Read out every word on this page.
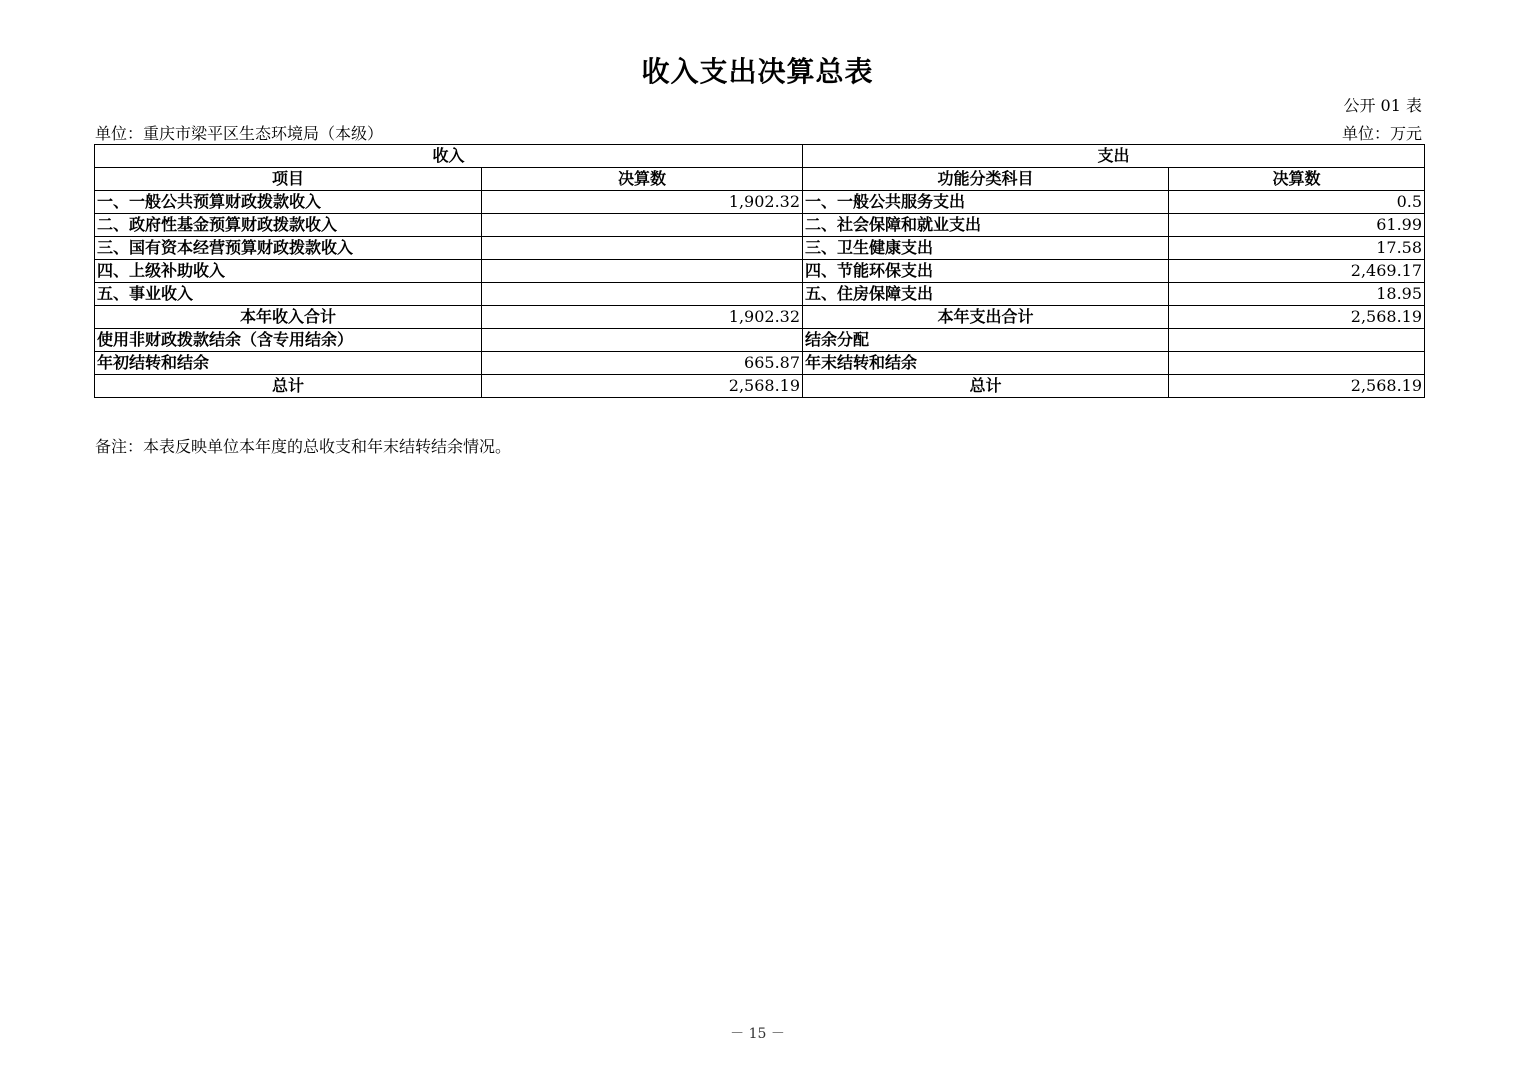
收入支出决算总表
公开 01 表
单位：重庆市梁平区生态环境局（本级）	单位：万元
收入		支出	
项目	决算数	功能分类科目	决算数
一、一般公共预算财政拨款收入	1,902.32	一、一般公共服务支出	0.5
二、政府性基金预算财政拨款收入		二、社会保障和就业支出	61.99
三、国有资本经营预算财政拨款收入		三、卫生健康支出	17.58
四、上级补助收入		四、节能环保支出	2,469.17
五、事业收入		五、住房保障支出	18.95
本年收入合计	1,902.32	本年支出合计	2,568.19
使用非财政拨款结余（含专用结余）		结余分配	
年初结转和结余	665.87	年末结转和结余	
总计	2,568.19	总计	2,568.19
备注：本表反映单位本年度的总收支和年末结转结余情况。
－ 15 －
